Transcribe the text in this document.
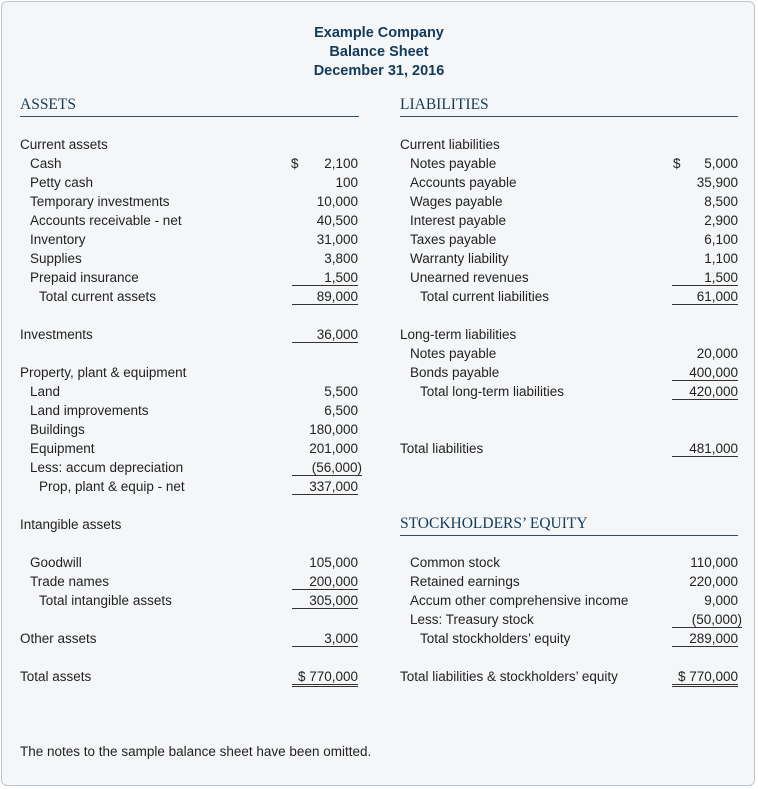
Example Company
Balance Sheet
December 31, 2016
ASSETS	LIABILITIES
STOCKHOLDERS’ EQUITY
Current assets
Cash	$	2,100
Petty cash	100
Temporary investments	10,000
Accounts receivable - net	40,500
Inventory	31,000
Supplies	3,800
Prepaid insurance	1,500
Total current assets	89,000
Investments	36,000
Property, plant & equipment
Land	5,500
Land improvements	6,500
Buildings	180,000
Equipment	201,000
Less: accum depreciation	(56,000)
Prop, plant & equip - net	337,000
Intangible assets
Goodwill	105,000
Trade names	200,000
Total intangible assets	305,000
Other assets	3,000
Total assets	$ 770,000
Current liabilities
Notes payable	$	5,000
Accounts payable	35,900
Wages payable	8,500
Interest payable	2,900
Taxes payable	6,100
Warranty liability	1,100
Unearned revenues	1,500
Total current liabilities	61,000
Long-term liabilities
Notes payable	20,000
Bonds payable	400,000
Total long-term liabilities	420,000
Total liabilities	481,000
Common stock	110,000
Retained earnings	220,000
Accum other comprehensive income	9,000
Less: Treasury stock	(50,000)
Total stockholders’ equity	289,000
Total liabilities & stockholders’ equity	$ 770,000
The notes to the sample balance sheet have been omitted.
